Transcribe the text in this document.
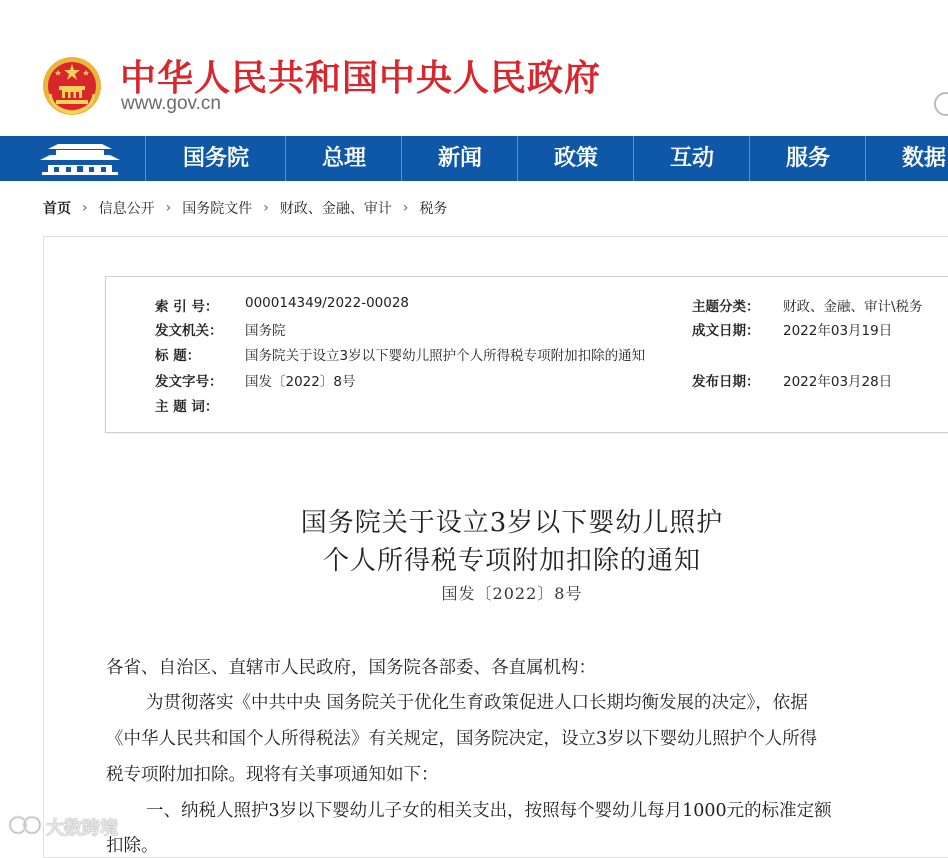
中华人民共和国中央人民政府
www.gov.cn
国务院	总理	新闻	政策	互动	服务	数据
首页 › 信息公开 › 国务院文件 › 财政、金融、审计 › 税务
索 引 号： 000014349/2022-00028	主题分类： 财政、金融、审计\税务
发文机关： 国务院	成文日期： 2022年03月19日
标 题：	国务院关于设立3岁以下婴幼儿照护个人所得税专项附加扣除的通知
发文字号： 国发〔2022〕8号	发布日期： 2022年03月28日
主 题 词：
国务院关于设立3岁以下婴幼儿照护
个人所得税专项附加扣除的通知
国发〔2022〕8号
各省、自治区、直辖市人民政府，国务院各部委、各直属机构：
为贯彻落实《中共中央 国务院关于优化生育政策促进人口长期均衡发展的决定》，依据
《中华人民共和国个人所得税法》有关规定，国务院决定，设立3岁以下婴幼儿照护个人所得
税专项附加扣除。现将有关事项通知如下：
一、纳税人照护3岁以下婴幼儿子女的相关支出，按照每个婴幼儿每月1000元的标准定额
扣除。
大数跨境
